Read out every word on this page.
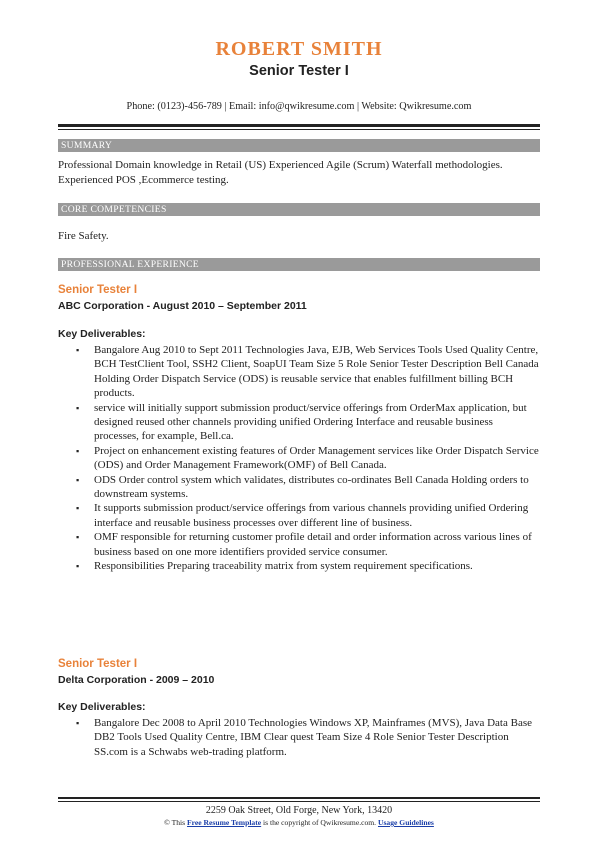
ROBERT SMITH
Senior Tester I
Phone: (0123)-456-789 | Email: info@qwikresume.com | Website: Qwikresume.com
SUMMARY
Professional Domain knowledge in Retail (US) Experienced Agile (Scrum) Waterfall methodologies. Experienced POS ,Ecommerce testing.
CORE COMPETENCIES
Fire Safety.
PROFESSIONAL EXPERIENCE
Senior Tester I
ABC Corporation - August 2010 – September 2011
Key Deliverables:
▪ Bangalore Aug 2010 to Sept 2011 Technologies Java, EJB, Web Services Tools Used Quality Centre, BCH TestClient Tool, SSH2 Client, SoapUI Team Size 5 Role Senior Tester Description Bell Canada Holding Order Dispatch Service (ODS) is reusable service that enables fulfillment billing BCH products.
▪ service will initially support submission product/service offerings from OrderMax application, but designed reused other channels providing unified Ordering Interface and reusable business processes, for example, Bell.ca.
▪ Project on enhancement existing features of Order Management services like Order Dispatch Service (ODS) and Order Management Framework(OMF) of Bell Canada.
▪ ODS Order control system which validates, distributes co-ordinates Bell Canada Holding orders to downstream systems.
▪ It supports submission product/service offerings from various channels providing unified Ordering interface and reusable business processes over different line of business.
▪ OMF responsible for returning customer profile detail and order information across various lines of business based on one more identifiers provided service consumer.
▪ Responsibilities Preparing traceability matrix from system requirement specifications.
Senior Tester I
Delta Corporation - 2009 – 2010
Key Deliverables:
▪ Bangalore Dec 2008 to April 2010 Technologies Windows XP, Mainframes (MVS), Java Data Base DB2 Tools Used Quality Centre, IBM Clear quest Team Size 4 Role Senior Tester Description SS.com is a Schwabs web-trading platform.
2259 Oak Street, Old Forge, New York, 13420
© This Free Resume Template is the copyright of Qwikresume.com. Usage Guidelines
